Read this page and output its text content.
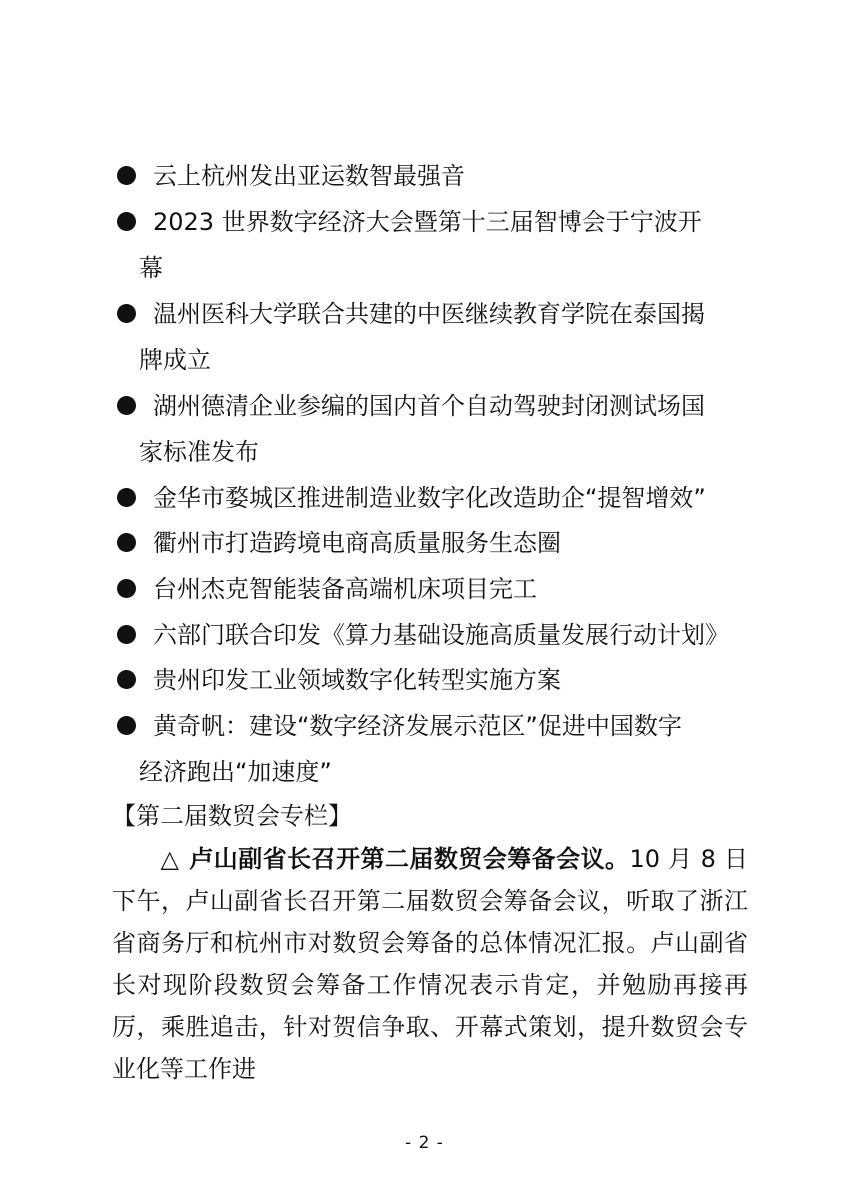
云上杭州发出亚运数智最强音
2023 世界数字经济大会暨第十三届智博会于宁波开
幕
温州医科大学联合共建的中医继续教育学院在泰国揭
牌成立
湖州德清企业参编的国内首个自动驾驶封闭测试场国
家标准发布
金华市婺城区推进制造业数字化改造助企“提智增效”
衢州市打造跨境电商高质量服务生态圈
台州杰克智能装备高端机床项目完工
六部门联合印发《算力基础设施高质量发展行动计划》
贵州印发工业领域数字化转型实施方案
黄奇帆：建设“数字经济发展示范区”促进中国数字
经济跑出“加速度”

【第二届数贸会专栏】

△ 卢山副省长召开第二届数贸会筹备会议。10 月 8 日下午，卢山副省长召开第二届数贸会筹备会议，听取了浙江省商务厅和杭州市对数贸会筹备的总体情况汇报。卢山副省长对现阶段数贸会筹备工作情况表示肯定，并勉励再接再厉，乘胜追击，针对贺信争取、开幕式策划，提升数贸会专业化等工作进

- 2 -
